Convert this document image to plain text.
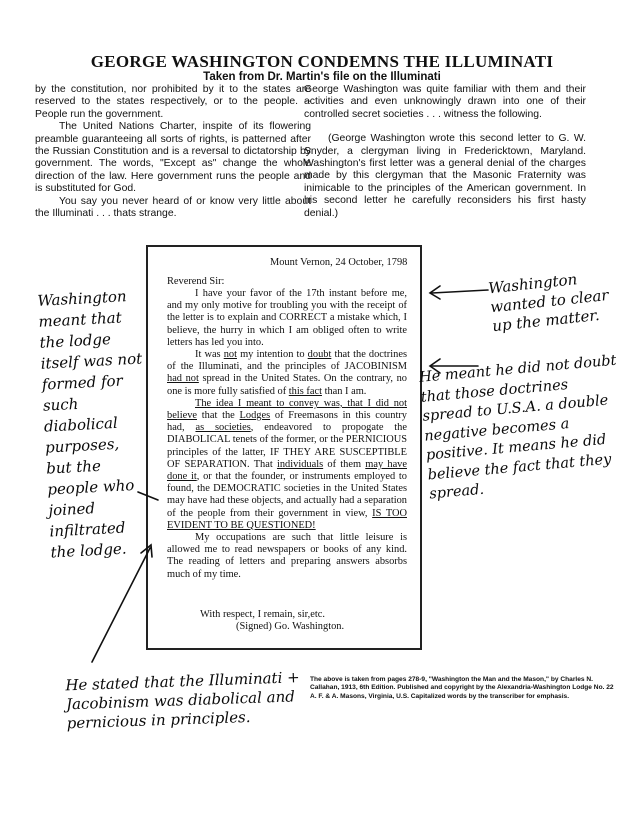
GEORGE WASHINGTON CONDEMNS THE ILLUMINATI
Taken from Dr. Martin's file on the Illuminati

by the constitution, nor prohibited by it to the states are reserved to the states respectively, or to the people. -- People run the government.

The United Nations Charter, inspite of its flowering preamble guaranteeing all sorts of rights, is patterned after the Russian Constitution and is a reversal to dictatorship by government. The words, "Except as" change the whole direction of the law. Here government runs the people and is substituted for God.

You say you never heard of or know very little about the Illuminati . . . thats strange.

George Washington was quite familiar with them and their activities and even unknowingly drawn into one of their controlled secret societies . . . witness the following.

(George Washington wrote this second letter to G. W. Snyder, a clergyman living in Fredericktown, Maryland. Washington's first letter was a general denial of the charges made by this clergyman that the Masonic Fraternity was inimicable to the principles of the American government. In his second letter he carefully reconsiders his first hasty denial.)

Mount Vernon, 24 October, 1798
Reverend Sir:

I have your favor of the 17th instant before me, and my only motive for troubling you with the receipt of the letter is to explain and CORRECT a mistake which, I believe, the hurry in which I am obliged often to write letters has led you into.

It was not my intention to doubt that the doctrines of the Illuminati, and the principles of JACOBINISM had not spread in the United States. On the contrary, no one is more fully satisfied of this fact than I am.

The idea I meant to convey was, that I did not believe that the Lodges of Freemasons in this country had, as societies, endeavored to propogate the DIABOLICAL tenets of the former, or the PERNICIOUS principles of the latter, IF THEY ARE SUSCEPTIBLE OF SEPARATION. That individuals of them may have done it, or that the founder, or instruments employed to found, the DEMOCRATIC societies in the United States may have had these objects, and actually had a separation of the people from their government in view, IS TOO EVIDENT TO BE QUESTIONED!

My occupations are such that little leisure is allowed me to read newspapers or books of any kind. The reading of letters and preparing answers absorbs much of my time.

With respect, I remain, sir,etc.
(Signed) Go. Washington.
The above is taken from pages 278-9, "Washington the Man and the Mason," by Charles N. Callahan, 1913, 6th Edition. Published and copyright by the Alexandria-Washington Lodge No. 22 A. F. & A. Masons, Virginia, U.S. Capitalized words by the transcriber for emphasis.
Washington meant that the lodge itself was not formed for such diabolical purposes, but the people who joined infiltrated the lodge.
Washington wanted to clear up the matter.
He meant he did not doubt that those doctrines spread to U.S.A. a double negative becomes a positive. It means he did believe the fact that they spread.
He stated that the Illuminati + Jacobinism was diabolical and pernicious in principles.
